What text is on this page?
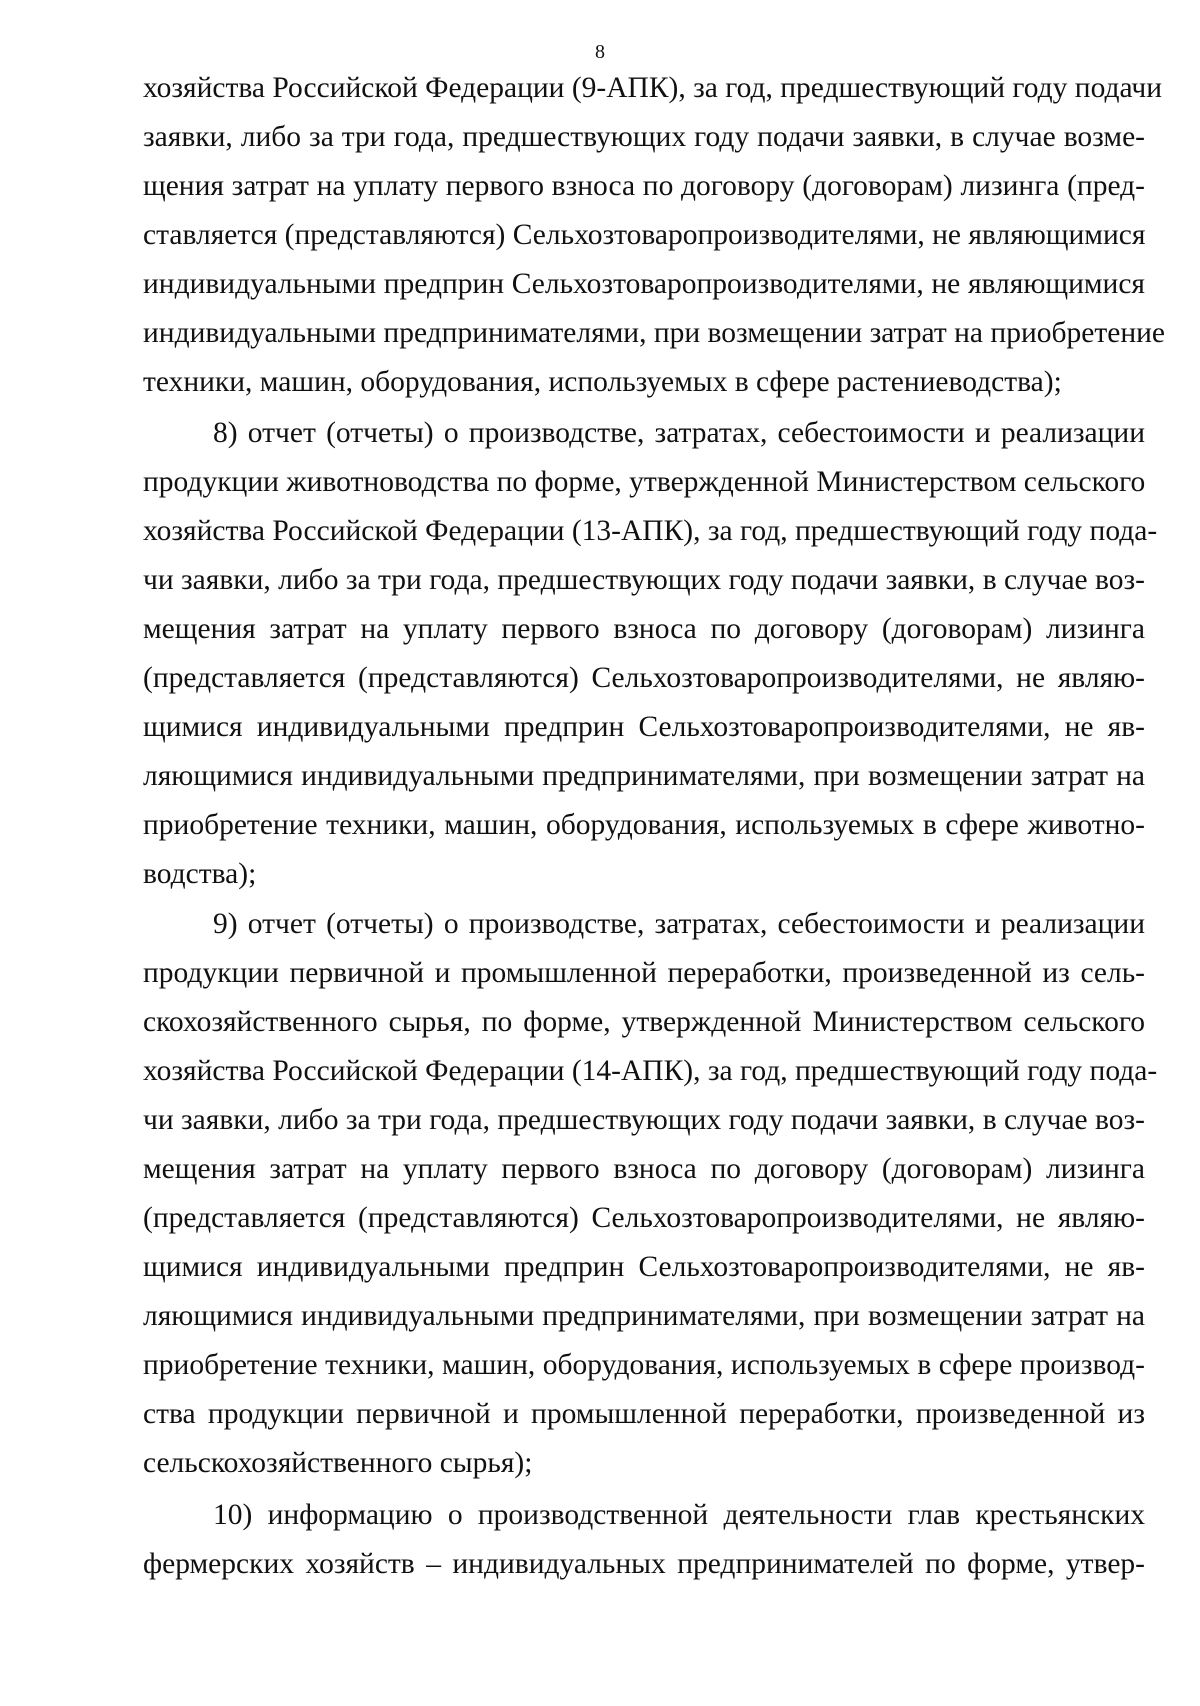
8
хозяйства Российской Федерации (9-АПК), за год, предшествующий году подачи
заявки, либо за три года, предшествующих году подачи заявки, в случае возме-
щения затрат на уплату первого взноса по договору (договорам) лизинга (пред-
ставляется (представляются) Сельхозтоваропроизводителями, не являющимися
индивидуальными предприн Сельхозтоваропроизводителями, не являющимися
индивидуальными предпринимателями, при возмещении затрат на приобретение
техники, машин, оборудования, используемых в сфере растениеводства);
8) отчет (отчеты) о производстве, затратах, себестоимости и реализации
продукции животноводства по форме, утвержденной Министерством сельского
хозяйства Российской Федерации (13-АПК), за год, предшествующий году пода-
чи заявки, либо за три года, предшествующих году подачи заявки, в случае воз-
мещения затрат на уплату первого взноса по договору (договорам) лизинга
(представляется (представляются) Сельхозтоваропроизводителями, не являю-
щимися индивидуальными предприн Сельхозтоваропроизводителями, не яв-
ляющимися индивидуальными предпринимателями, при возмещении затрат на
приобретение техники, машин, оборудования, используемых в сфере животно-
водства);
9) отчет (отчеты) о производстве, затратах, себестоимости и реализации
продукции первичной и промышленной переработки, произведенной из сель-
скохозяйственного сырья, по форме, утвержденной Министерством сельского
хозяйства Российской Федерации (14-АПК), за год, предшествующий году пода-
чи заявки, либо за три года, предшествующих году подачи заявки, в случае воз-
мещения затрат на уплату первого взноса по договору (договорам) лизинга
(представляется (представляются) Сельхозтоваропроизводителями, не являю-
щимися индивидуальными предприн Сельхозтоваропроизводителями, не яв-
ляющимися индивидуальными предпринимателями, при возмещении затрат на
приобретение техники, машин, оборудования, используемых в сфере производ-
ства продукции первичной и промышленной переработки, произведенной из
сельскохозяйственного сырья);
10) информацию о производственной деятельности глав крестьянских
фермерских хозяйств – индивидуальных предпринимателей по форме, утвер-
